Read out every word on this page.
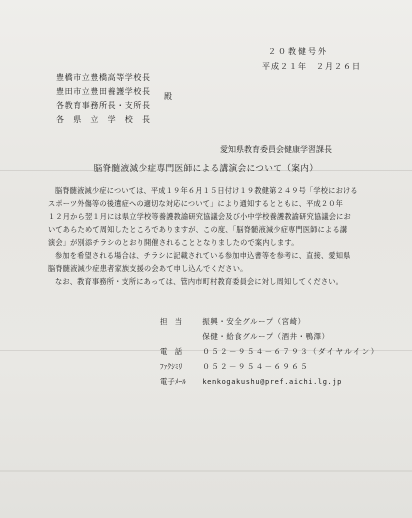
２０教健号外
平成２１年　２月２６日
豊橋市立豊橋高等学校長
豊田市立豊田養護学校長
各教育事務所長・支所長
各　県　立　学　校　長
殿
愛知県教育委員会健康学習課長
脳脊髄液減少症専門医師による講演会について（案内）
脳脊髄液減少症については、平成１９年６月１５日付け１９教健第２４９号「学校における
スポーツ外傷等の後遺症への適切な対応について」により通知するとともに、平成２０年
１２月から翌１月には県立学校等養護教諭研究協議会及び小中学校養護教諭研究協議会にお
いてあらためて周知したところでありますが、この度、「脳脊髄液減少症専門医師による講
演会」が別添チラシのとおり開催されることとなりましたので案内します。
参加を希望される場合は、チラシに記載されている参加申込書等を参考に、直接、愛知県
脳脊髄液減少症患者家族支援の会あて申し込んでください。
なお、教育事務所・支所にあっては、管内市町村教育委員会に対し周知してください。
担　当	振興・安全グループ（宮崎）
保健・給食グループ（酒井・鴨澤）
電　話	０５２－９５４－６７９３（ダイヤルイン）
ﾌｧｸｼﾐﾘ	０５２－９５４－６９６５
電子ﾒｰﾙ kenkogakushu@pref.aichi.lg.jp
